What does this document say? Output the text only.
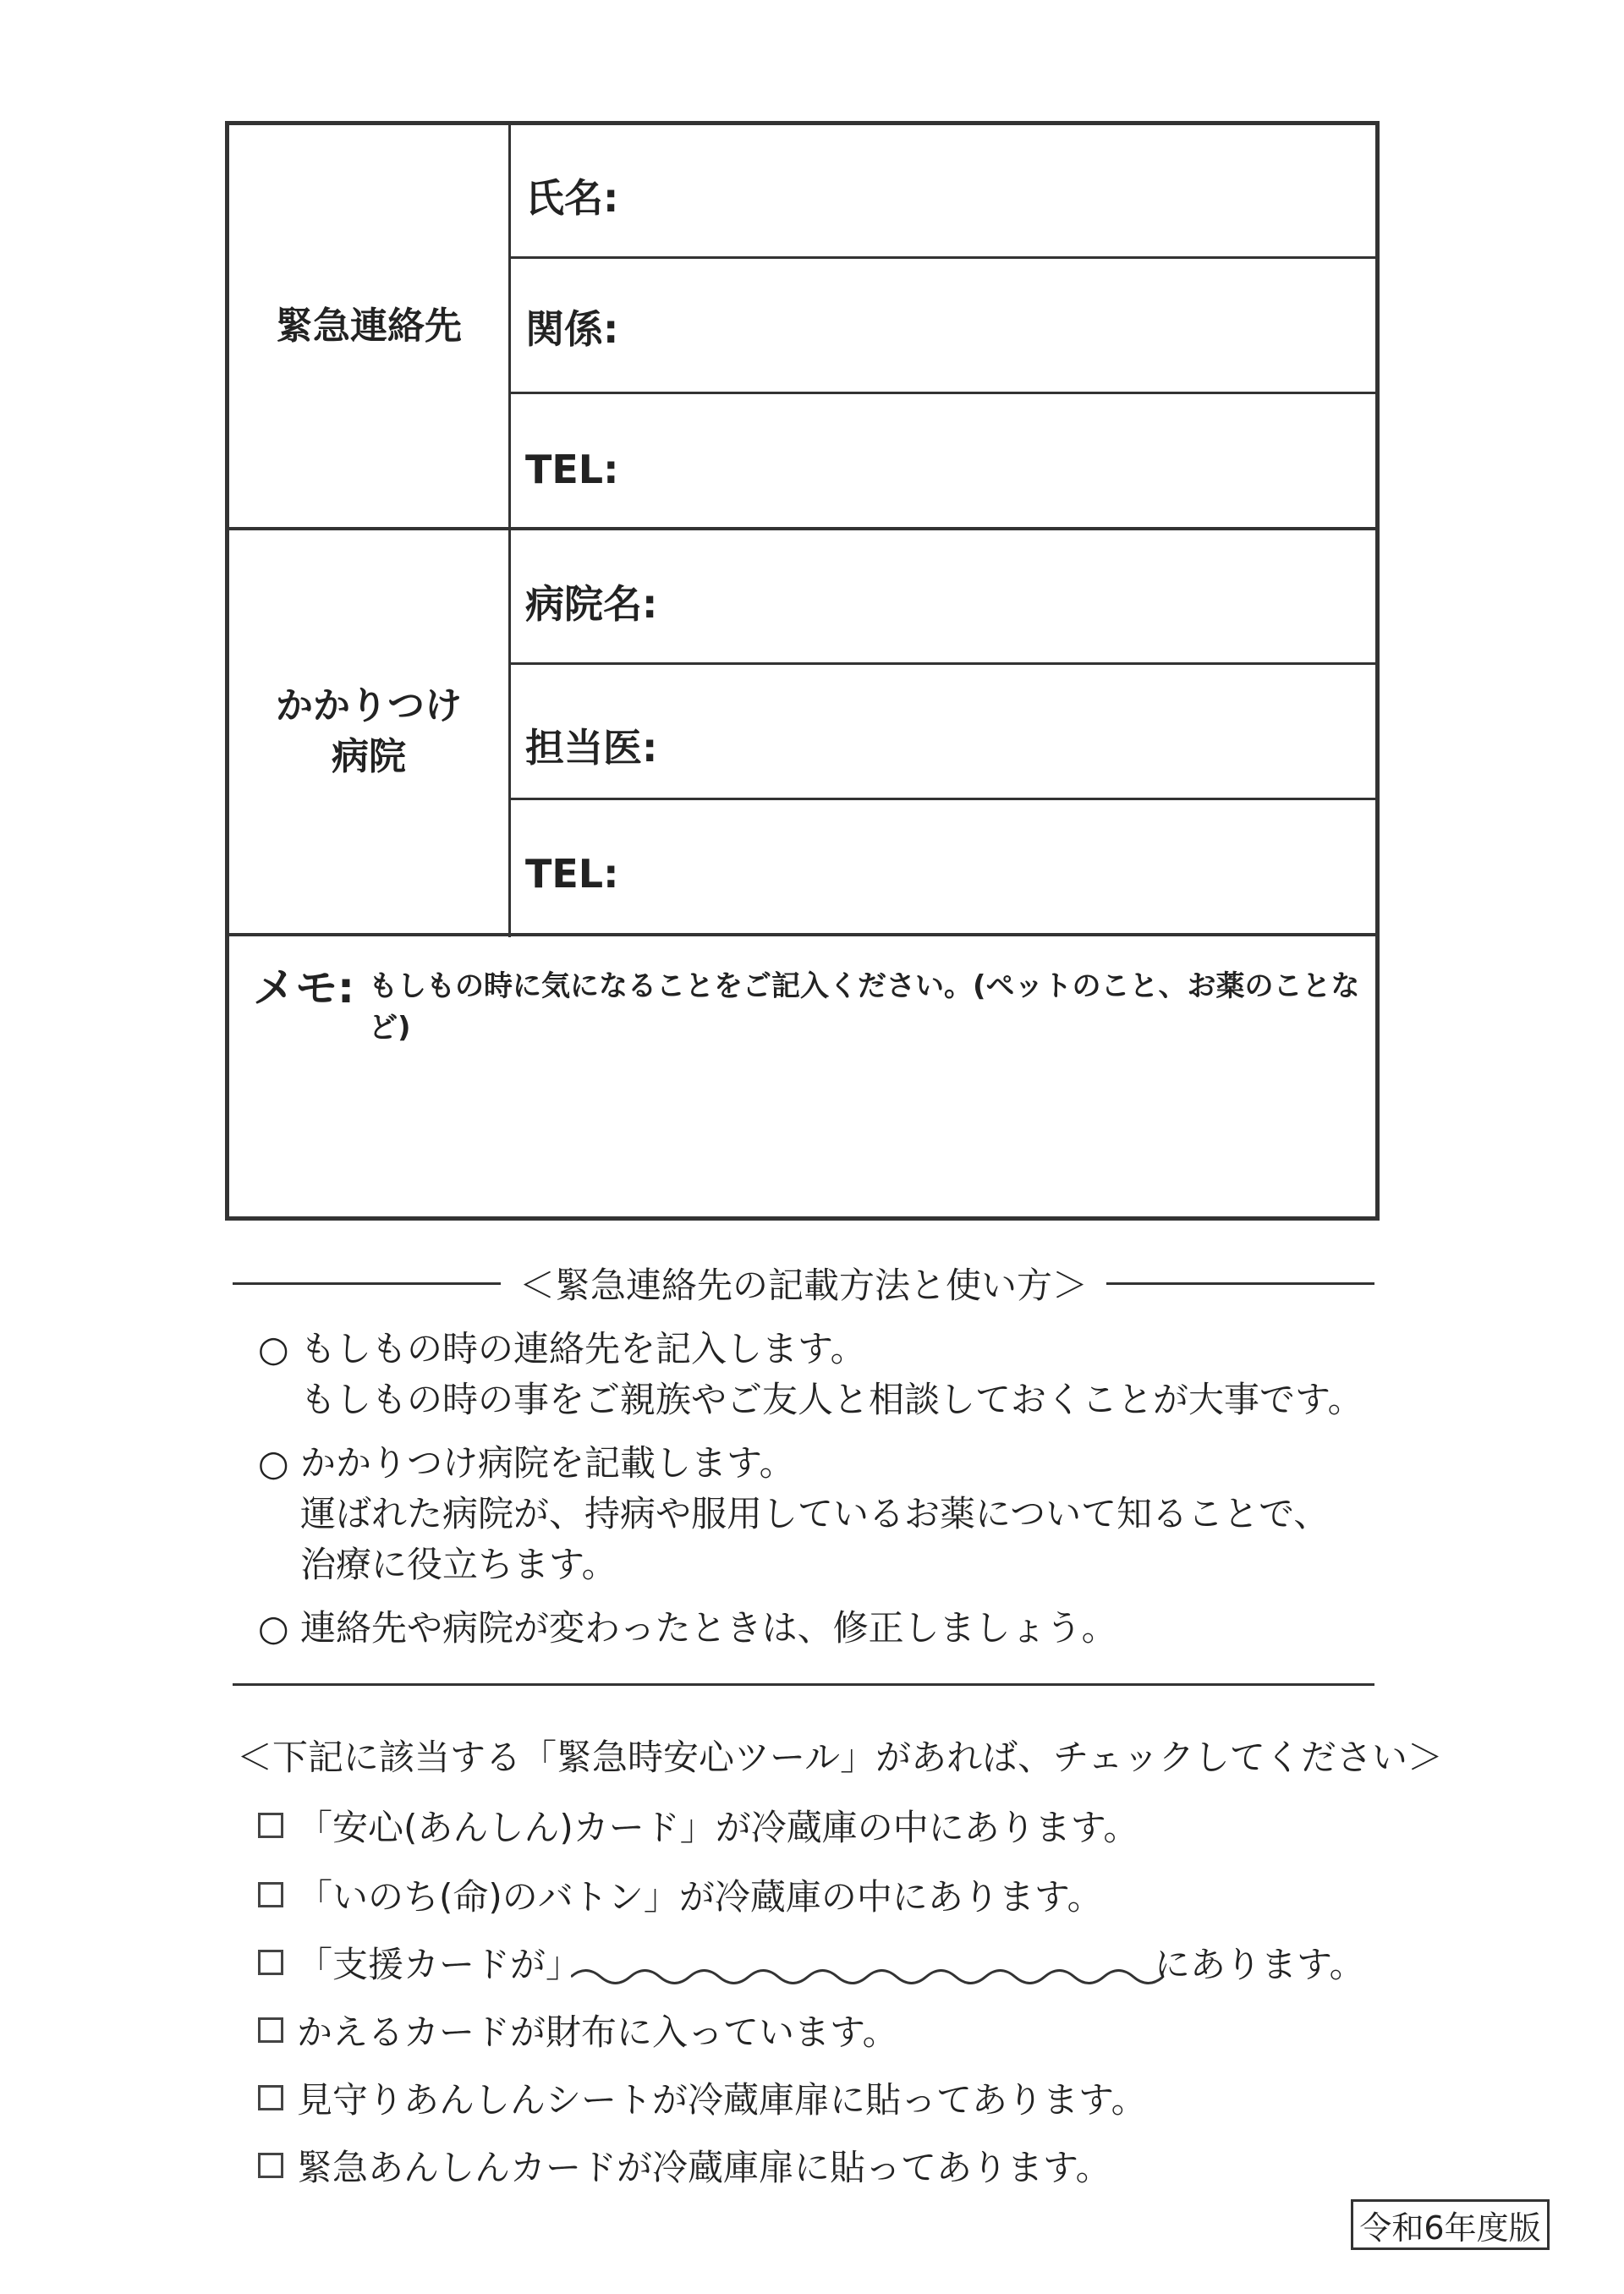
緊急連絡先
氏名:
関係:
TEL:
かかりつけ
病院
病院名:
担当医:
TEL:
メモ: もしもの時に気になることをご記入ください。(ペットのこと、お薬のことなど)
＜緊急連絡先の記載方法と使い方＞
○ もしもの時の連絡先を記入します。
もしもの時の事をご親族やご友人と相談しておくことが大事です。
○ かかりつけ病院を記載します。
運ばれた病院が、持病や服用しているお薬について知ることで、
治療に役立ちます。
○ 連絡先や病院が変わったときは、修正しましょう。
＜下記に該当する「緊急時安心ツール」があれば、チェックしてください＞
「安心(あんしん)カード」が冷蔵庫の中にあります。
「いのち(命)のバトン」が冷蔵庫の中にあります。
「支援カードが」	にあります。
かえるカードが財布に入っています。
見守りあんしんシートが冷蔵庫扉に貼ってあります。
緊急あんしんカードが冷蔵庫扉に貼ってあります。
令和6年度版
